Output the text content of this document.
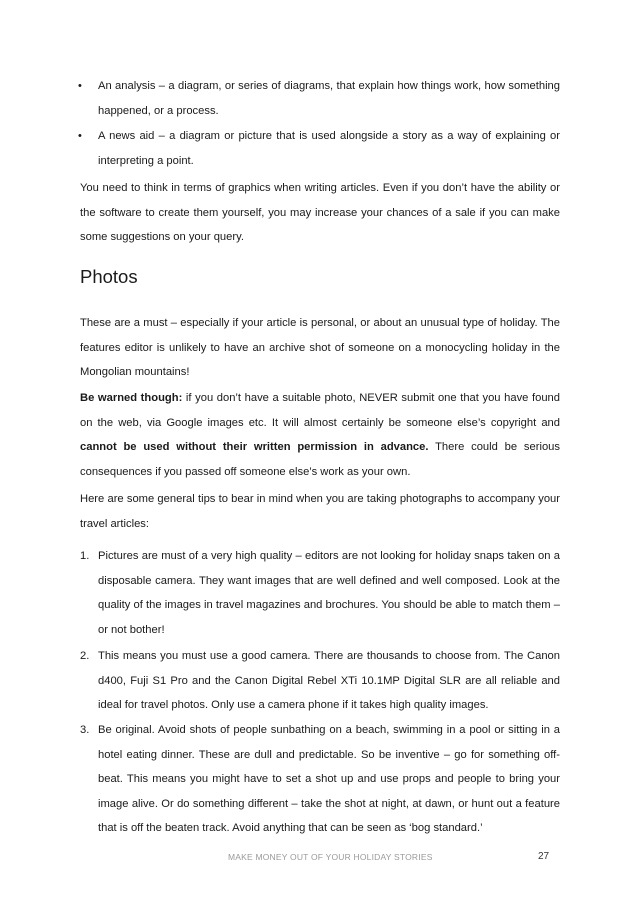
• An analysis – a diagram, or series of diagrams, that explain how things work, how something happened, or a process.

• A news aid – a diagram or picture that is used alongside a story as a way of explaining or interpreting a point.

You need to think in terms of graphics when writing articles. Even if you don’t have the ability or the software to create them yourself, you may increase your chances of a sale if you can make some suggestions on your query.

Photos

These are a must – especially if your article is personal, or about an unusual type of holiday. The features editor is unlikely to have an archive shot of someone on a monocycling holiday in the Mongolian mountains!

Be warned though: if you don’t have a suitable photo, NEVER submit one that you have found on the web, via Google images etc. It will almost certainly be someone else’s copyright and cannot be used without their written permission in advance. There could be serious consequences if you passed off someone else’s work as your own.

Here are some general tips to bear in mind when you are taking photographs to accompany your travel articles:

1. Pictures are must of a very high quality – editors are not looking for holiday snaps taken on a disposable camera. They want images that are well defined and well composed. Look at the quality of the images in travel magazines and brochures. You should be able to match them – or not bother!

2. This means you must use a good camera. There are thousands to choose from. The Canon d400, Fuji S1 Pro and the Canon Digital Rebel XTi 10.1MP Digital SLR are all reliable and ideal for travel photos. Only use a camera phone if it takes high quality images.

3. Be original. Avoid shots of people sunbathing on a beach, swimming in a pool or sitting in a hotel eating dinner. These are dull and predictable. So be inventive – go for something off-beat. This means you might have to set a shot up and use props and people to bring your image alive. Or do something different – take the shot at night, at dawn, or hunt out a feature that is off the beaten track. Avoid anything that can be seen as ‘bog standard.’

MAKE MONEY OUT OF YOUR HOLIDAY STORIES	27
